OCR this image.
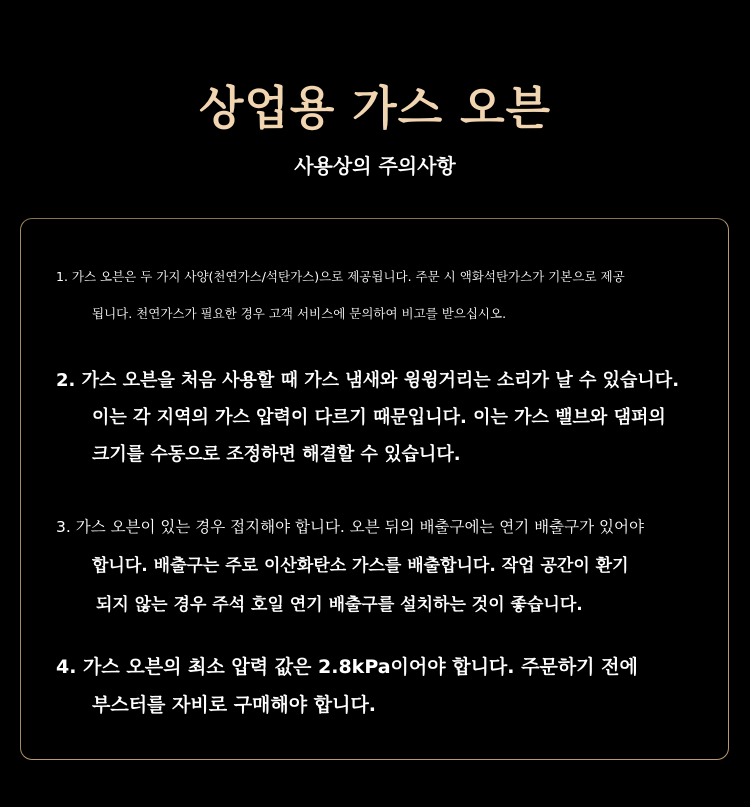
상업용 가스 오븐
사용상의 주의사항
1. 가스 오븐은 두 가지 사양(천연가스/석탄가스)으로 제공됩니다. 주문 시 액화석탄가스가 기본으로 제공
됩니다. 천연가스가 필요한 경우 고객 서비스에 문의하여 비고를 받으십시오.
2. 가스 오븐을 처음 사용할 때 가스 냄새와 윙윙거리는 소리가 날 수 있습니다.
이는 각 지역의 가스 압력이 다르기 때문입니다. 이는 가스 밸브와 댐퍼의
크기를 수동으로 조정하면 해결할 수 있습니다.
3. 가스 오븐이 있는 경우 접지해야 합니다. 오븐 뒤의 배출구에는 연기 배출구가 있어야
합니다. 배출구는 주로 이산화탄소 가스를 배출합니다. 작업 공간이 환기
되지 않는 경우 주석 호일 연기 배출구를 설치하는 것이 좋습니다.
4. 가스 오븐의 최소 압력 값은 2.8kPa이어야 합니다. 주문하기 전에
부스터를 자비로 구매해야 합니다.
